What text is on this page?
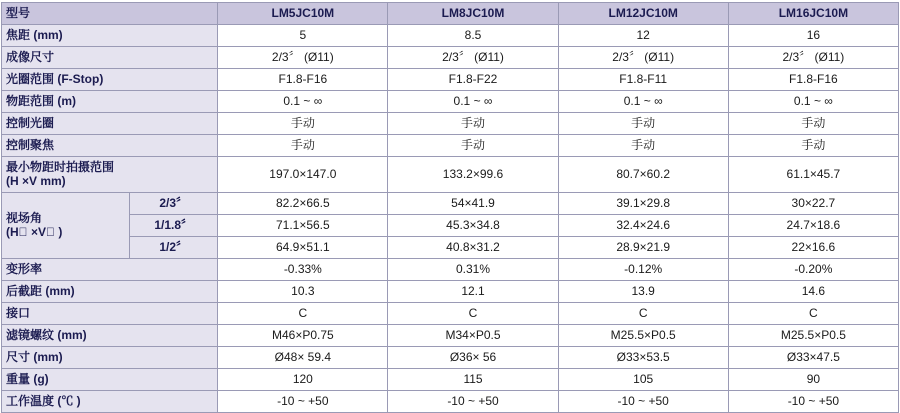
型号		LM5JC10M	LM8JC10M	LM12JC10M	LM16JC10M
焦距 (mm)		5	8.5	12	16
成像尺寸		2/3〞 (Ø11)	2/3〞 (Ø11)	2/3〞 (Ø11)	2/3〞 (Ø11)
光圈范围 (F-Stop)		F1.8-F16	F1.8-F22	F1.8-F11	F1.8-F16
物距范围 (m)		0.1 ~ ∞	0.1 ~ ∞	0.1 ~ ∞	0.1 ~ ∞
控制光圈		手动	手动	手动	手动
控制聚焦		手动	手动	手动	手动

最小物距时拍摄范围
(H ×V mm)		197.0×147.0	133.2×99.6	80.7×60.2	61.1×45.7

视场角
(H〫 ×V〫 )	2/3〞	82.2×66.5	54×41.9	39.1×29.8	30×22.7
	1/1.8〞	71.1×56.5	45.3×34.8	32.4×24.6	24.7×18.6
	1/2〞	64.9×51.1	40.8×31.2	28.9×21.9	22×16.6
变形率		-0.33%	0.31%	-0.12%	-0.20%
后截距 (mm)		10.3	12.1	13.9	14.6
接口		C	C	C	C
滤镜螺纹 (mm)		M46×P0.75	M34×P0.5	M25.5×P0.5	M25.5×P0.5
尺寸 (mm)		Ø48× 59.4	Ø36× 56	Ø33×53.5	Ø33×47.5
重量 (g)		120	115	105	90
工作温度 (℃ )		-10 ~ +50	-10 ~ +50	-10 ~ +50	-10 ~ +50
